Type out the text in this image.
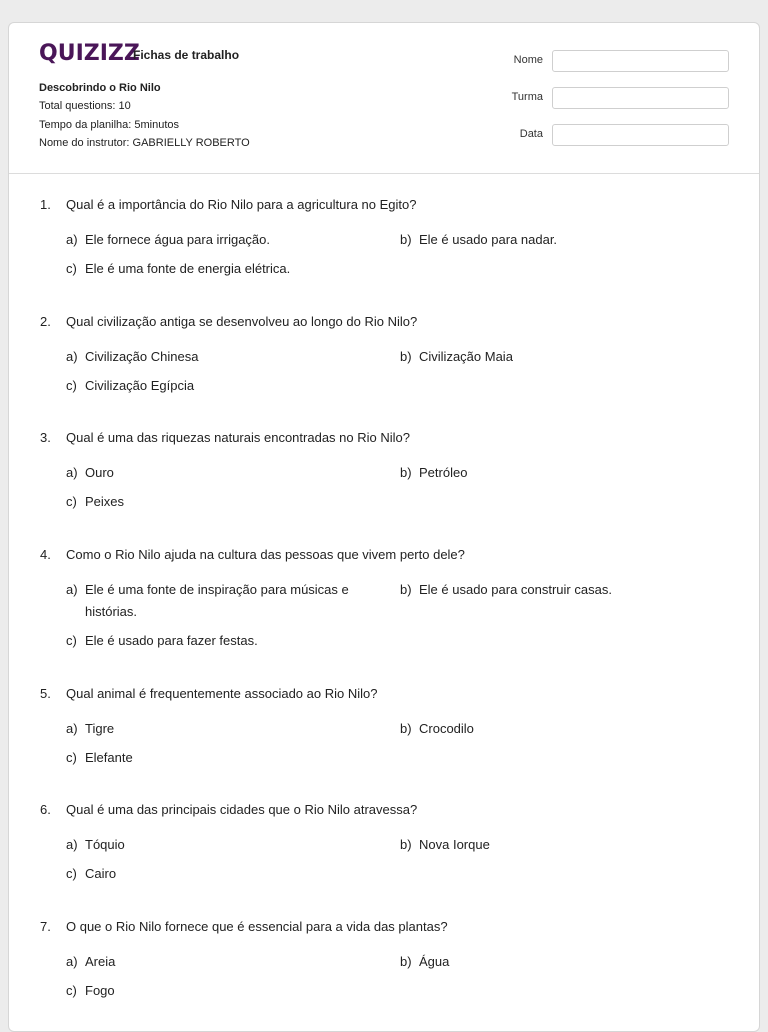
QUIZIZZ
Fichas de trabalho
Descobrindo o Rio Nilo
Total questions: 10
Tempo da planilha: 5minutos
Nome do instrutor: GABRIELLY ROBERTO
Nome
Turma
Data
1. Qual é a importância do Rio Nilo para a agricultura no Egito?
a) Ele fornece água para irrigação.	b) Ele é usado para nadar.
c) Ele é uma fonte de energia elétrica.
2. Qual civilização antiga se desenvolveu ao longo do Rio Nilo?
a) Civilização Chinesa	b) Civilização Maia
c) Civilização Egípcia
3. Qual é uma das riquezas naturais encontradas no Rio Nilo?
a) Ouro	b) Petróleo
c) Peixes
4. Como o Rio Nilo ajuda na cultura das pessoas que vivem perto dele?
a) Ele é uma fonte de inspiração para músicas e histórias.
b) Ele é usado para construir casas.
c) Ele é usado para fazer festas.
5. Qual animal é frequentemente associado ao Rio Nilo?
a) Tigre	b) Crocodilo
c) Elefante
6. Qual é uma das principais cidades que o Rio Nilo atravessa?
a) Tóquio	b) Nova Iorque
c) Cairo
7. O que o Rio Nilo fornece que é essencial para a vida das plantas?
a) Areia	b) Água
c) Fogo
